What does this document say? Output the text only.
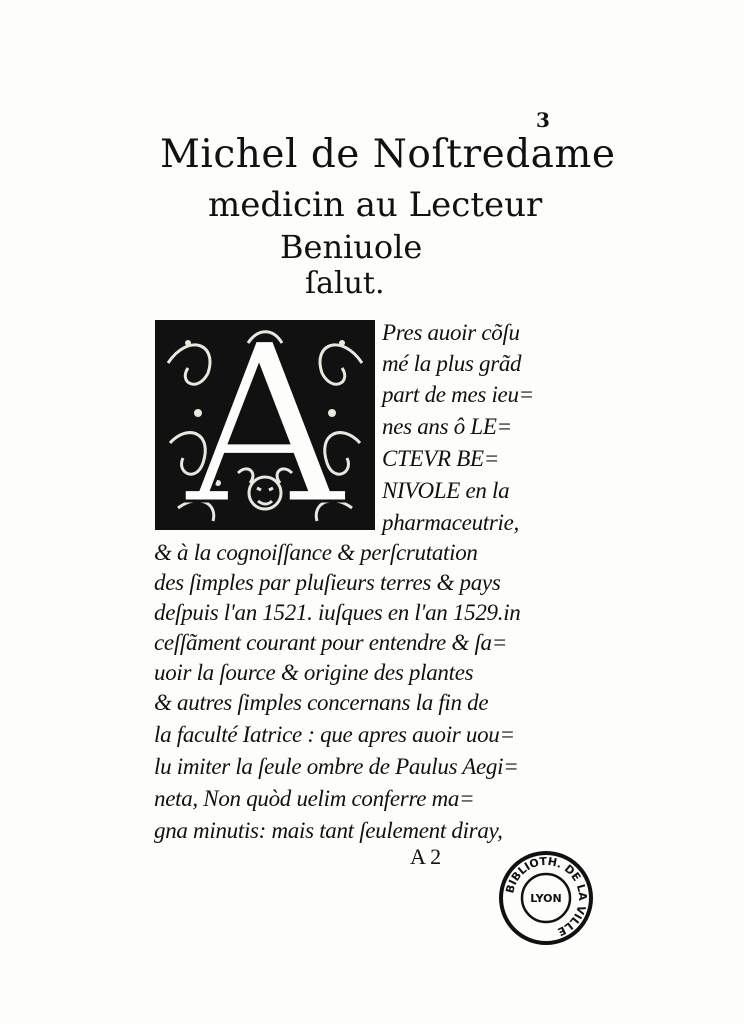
3
Michel de Noſtredame
medicin au Lecteur
Beniuole
ſalut.
A	Pres auoir cõſu
mé la plus grãd
part de mes ieu=
nes ans ô LE=
CTEVR BE=
NIVOLE en la
pharmaceutrie,
& à la cognoiſſance & perſcrutation
des ſimples par pluſieurs terres & pays
deſpuis l'an 1521. iuſques en l'an 1529.in
ceſſãment courant pour entendre & ſa=
uoir la ſource & origine des plantes
& autres ſimples concernans la fin de
la faculté Iatrice : que apres auoir uou=
lu imiter la ſeule ombre de Paulus Aegi=
neta, Non quòd uelim conferre ma=
gna minutis: mais tant ſeulement diray,
A 2
BIBLIOTH. DE LA VILLE
LYON
